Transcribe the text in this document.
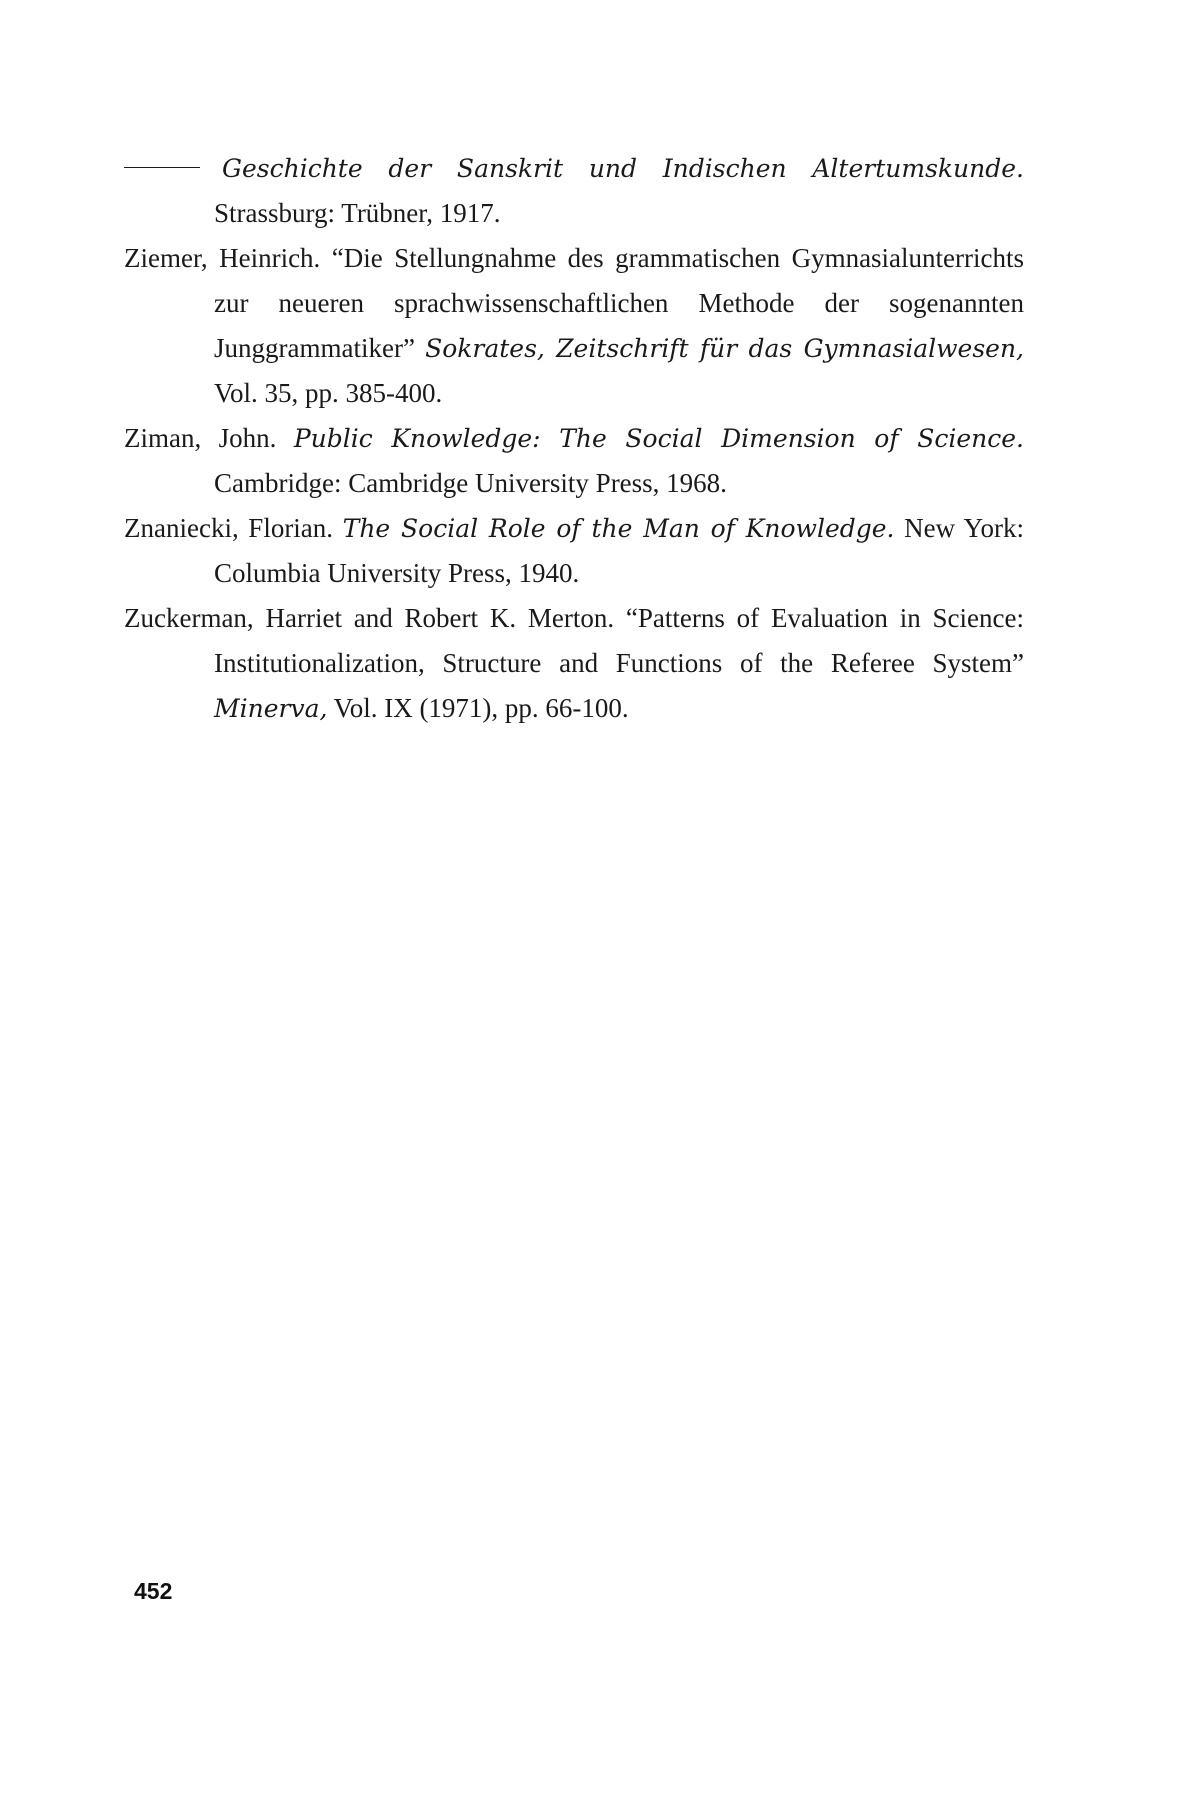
Geschichte der Sanskrit und Indischen Altertumskunde. Strassburg: Trübner, 1917.

Ziemer, Heinrich. “Die Stellungnahme des grammatischen Gymnasialunterrichts zur neueren sprachwissenschaftlichen Methode der sogenannten Junggrammatiker” Sokrates, Zeitschrift für das Gymnasialwesen, Vol. 35, pp. 385-400.

Ziman, John. Public Knowledge: The Social Dimension of Science. Cambridge: Cambridge University Press, 1968.

Znaniecki, Florian. The Social Role of the Man of Knowledge. New York: Columbia University Press, 1940.

Zuckerman, Harriet and Robert K. Merton. “Patterns of Evaluation in Science: Institutionalization, Structure and Functions of the Referee System” Minerva, Vol. IX (1971), pp. 66-100.

452
